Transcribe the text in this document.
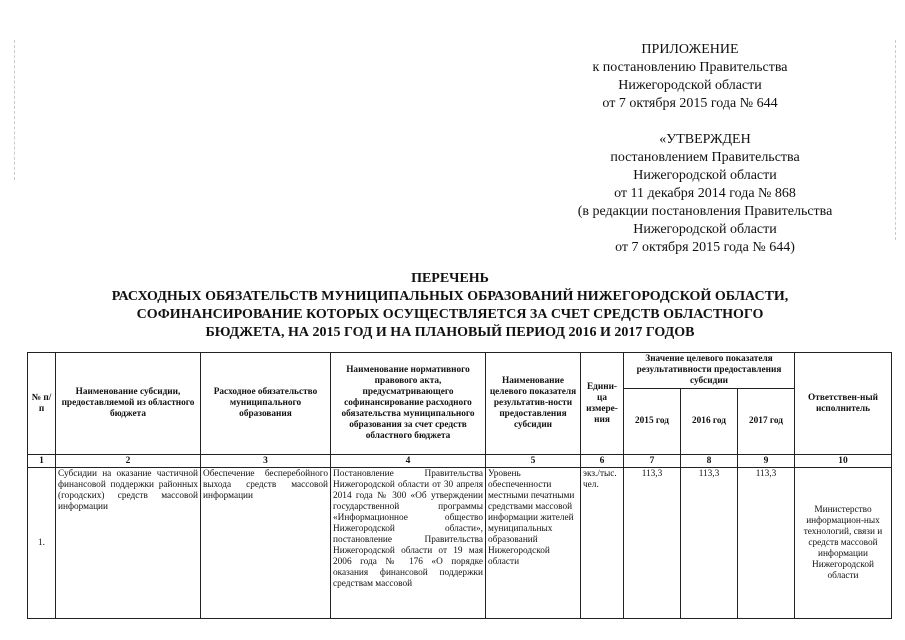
ПРИЛОЖЕНИЕ
к постановлению Правительства
Нижегородской области
от 7 октября 2015 года № 644
«УТВЕРЖДЕН
постановлением Правительства
Нижегородской области
от 11 декабря 2014 года № 868
(в редакции постановления Правительства
Нижегородской области
от 7 октября 2015 года № 644)
ПЕРЕЧЕНЬ
РАСХОДНЫХ ОБЯЗАТЕЛЬСТВ МУНИЦИПАЛЬНЫХ ОБРАЗОВАНИЙ НИЖЕГОРОДСКОЙ ОБЛАСТИ,
СОФИНАНСИРОВАНИЕ КОТОРЫХ ОСУЩЕСТВЛЯЕТСЯ ЗА СЧЕТ СРЕДСТВ ОБЛАСТНОГО
БЮДЖЕТА, НА 2015 ГОД И НА ПЛАНОВЫЙ ПЕРИОД 2016 И 2017 ГОДОВ
№ п/п	Наименование субсидии, предоставляемой из областного бюджета	Расходное обязательство муниципального образования	Наименование нормативного правового акта, предусматривающего софинансирование расходного обязательства муниципального образования за счет средств областного бюджета	Наименование целевого показателя результатив-ности предоставления субсидии	Едини-ца измере-ния	Значение целевого показателя результативности предоставления субсидии			Ответствен-ный исполнитель
						2015 год	2016 год	2017 год	
1	2	3	4	5	6	7	8	9	10
1.	Субсидии на оказание частичной финансовой поддержки районных (городских) средств массовой информации	Обеспечение бесперебойного выхода средств массовой информации	Постановление Правительства Нижегородской области от 30 апреля 2014 года № 300 «Об утверждении государственной программы «Информационное общество Нижегородской области», постановление Правительства Нижегородской области от 19 мая 2006 года № 176 «О порядке оказания финансовой поддержки средствам массовой	Уровень обеспеченности местными печатными средствами массовой информации жителей муниципальных образований Нижегородской области	экз./тыс. чел.	113,3	113,3	113,3	Министерство информацион-ных технологий, связи и средств массовой информации Нижегородской области
